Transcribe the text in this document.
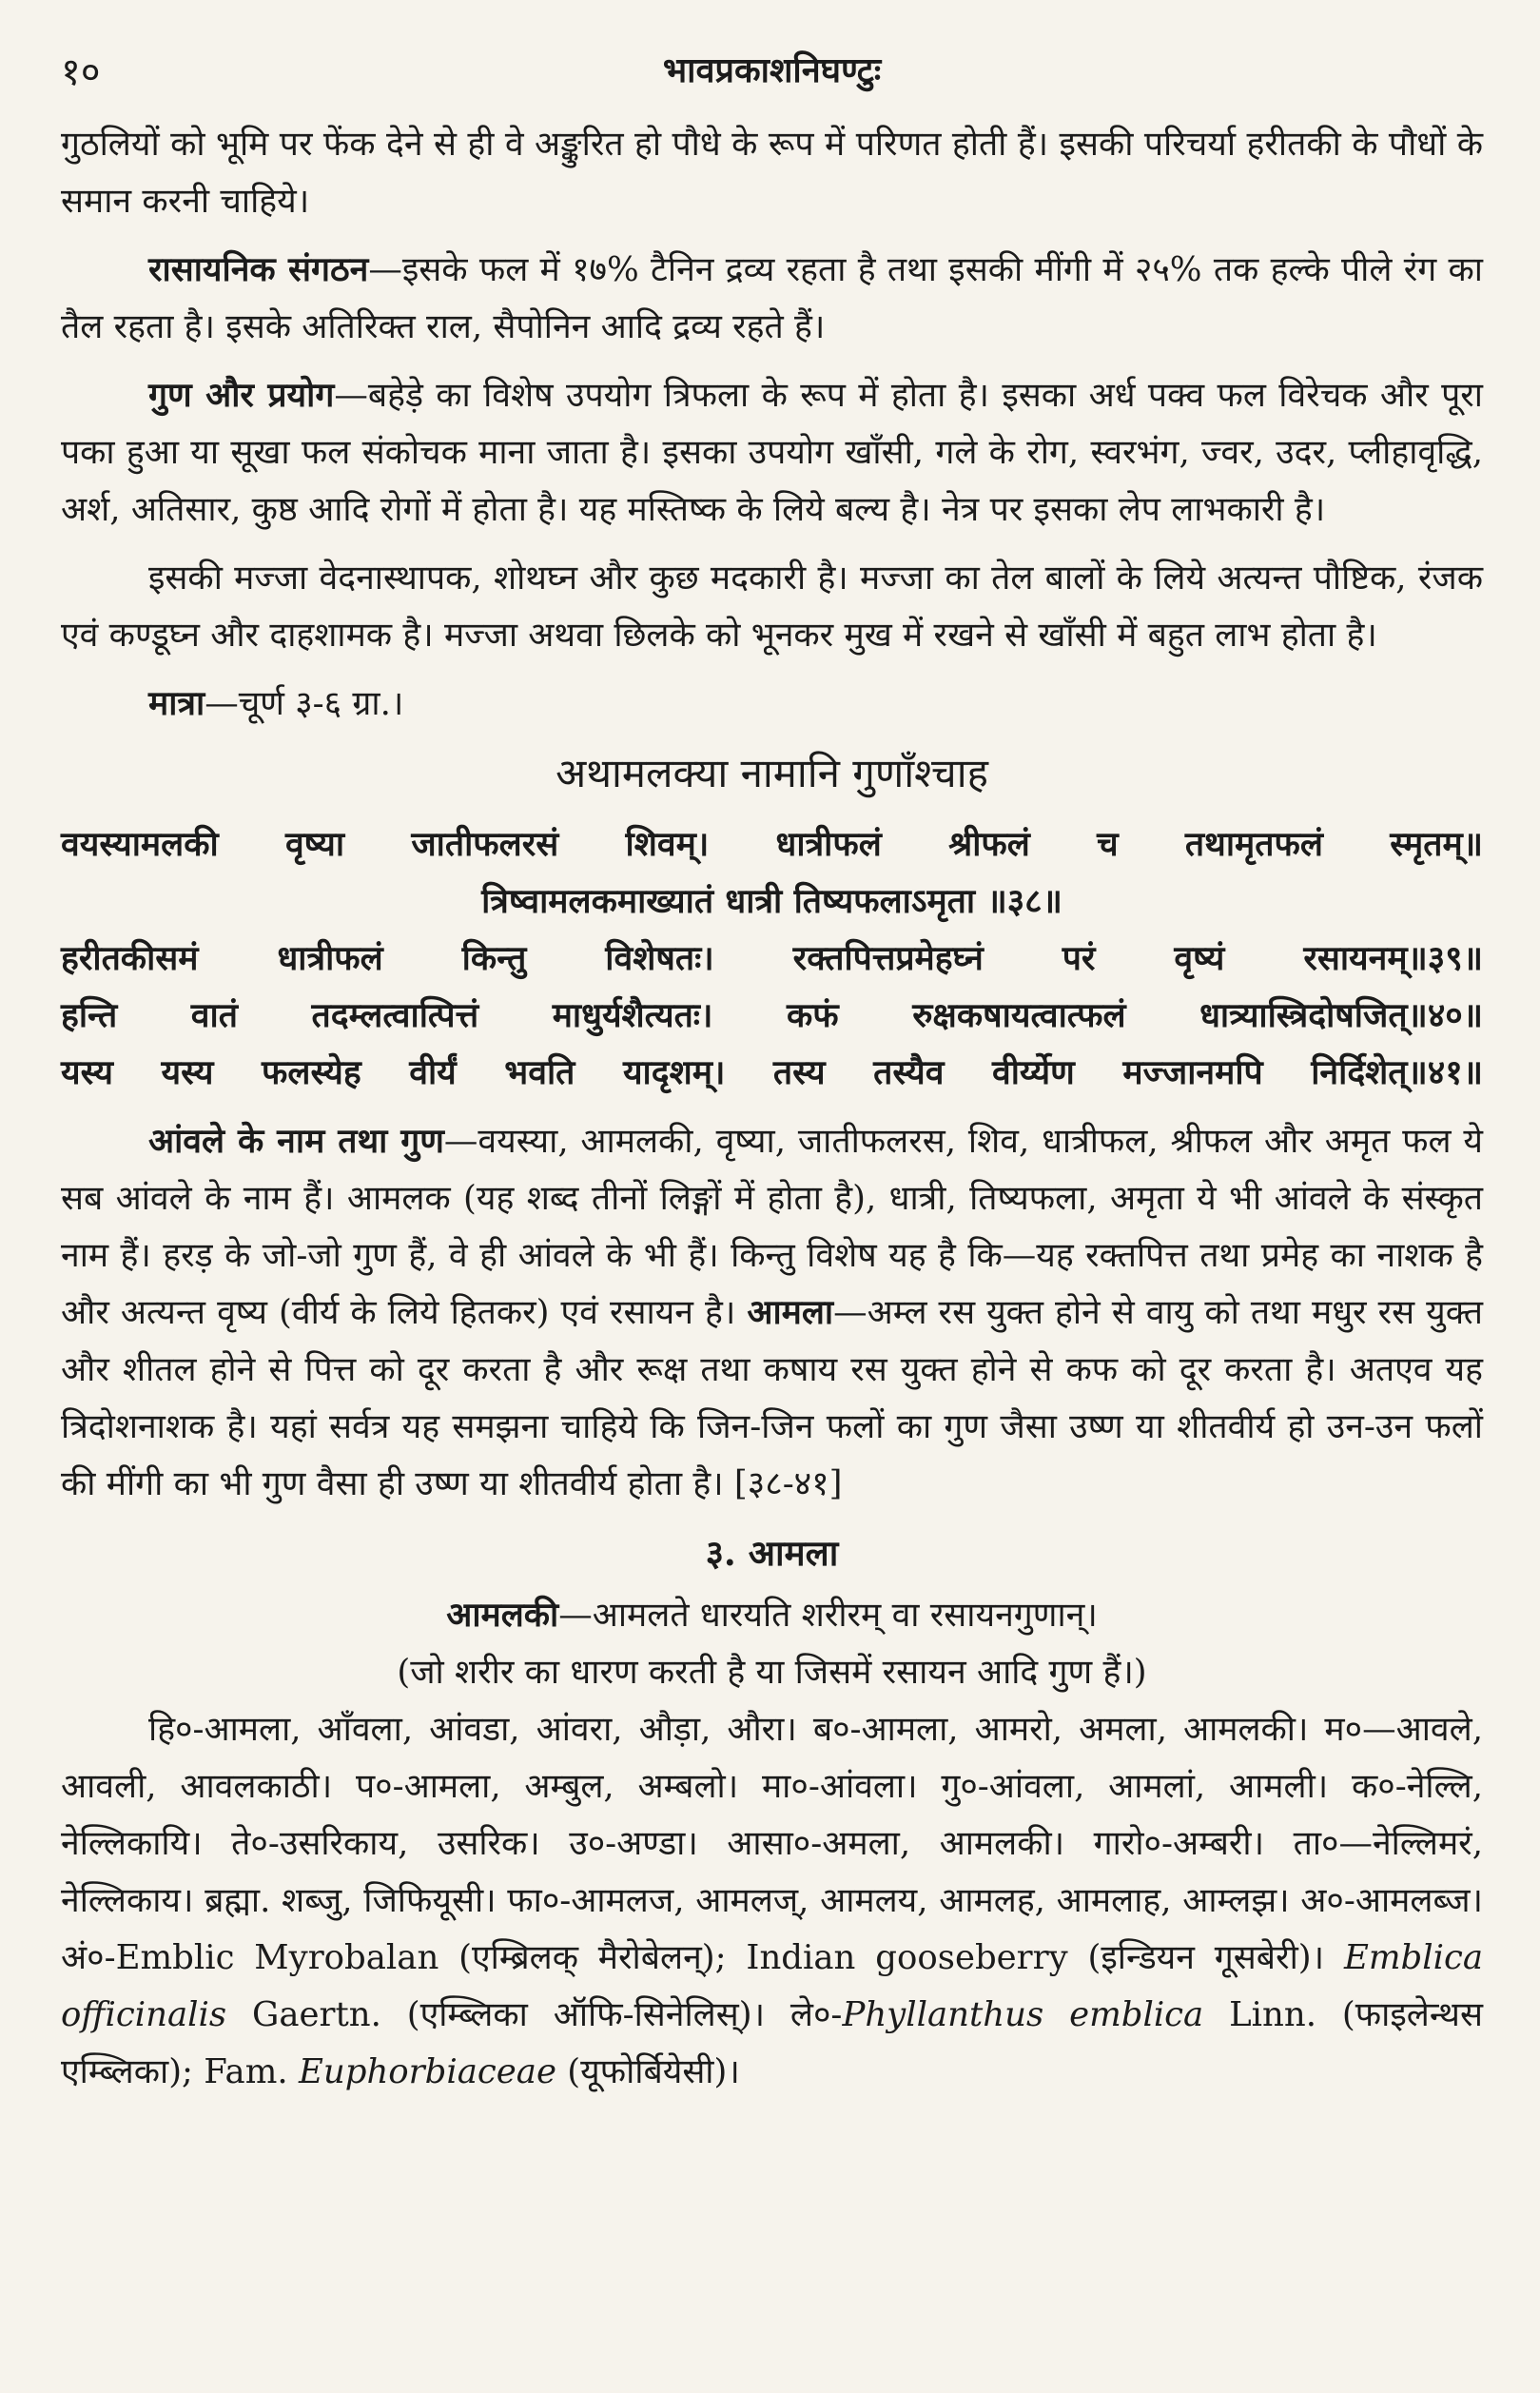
१०	भावप्रकाशनिघण्टुः

गुठलियों को भूमि पर फेंक देने से ही वे अङ्कुरित हो पौधे के रूप में परिणत होती हैं। इसकी परिचर्या हरीतकी के पौधों के समान करनी चाहिये।

रासायनिक संगठन—इसके फल में १७% टैनिन द्रव्य रहता है तथा इसकी मींगी में २५% तक हल्के पीले रंग का तैल रहता है। इसके अतिरिक्त राल, सैपोनिन आदि द्रव्य रहते हैं।

गुण और प्रयोग—बहेड़े का विशेष उपयोग त्रिफला के रूप में होता है। इसका अर्ध पक्व फल विरेचक और पूरा पका हुआ या सूखा फल संकोचक माना जाता है। इसका उपयोग खाँसी, गले के रोग, स्वरभंग, ज्वर, उदर, प्लीहावृद्धि, अर्श, अतिसार, कुष्ठ आदि रोगों में होता है। यह मस्तिष्क के लिये बल्य है। नेत्र पर इसका लेप लाभकारी है।

इसकी मज्जा वेदनास्थापक, शोथघ्न और कुछ मदकारी है। मज्जा का तेल बालों के लिये अत्यन्त पौष्टिक, रंजक एवं कण्डूघ्न और दाहशामक है। मज्जा अथवा छिलके को भूनकर मुख में रखने से खाँसी में बहुत लाभ होता है।

मात्रा—चूर्ण ३-६ ग्रा.।

अथामलक्या नामानि गुणाँश्चाह
वयस्यामलकी वृष्या जातीफलरसं शिवम्। धात्रीफलं श्रीफलं च तथामृतफलं स्मृतम्॥
त्रिष्वामलकमाख्यातं धात्री तिष्यफलाऽमृता ॥३८॥
हरीतकीसमं धात्रीफलं किन्तु विशेषतः। रक्तपित्तप्रमेहघ्नं परं वृष्यं रसायनम्॥३९॥
हन्ति वातं तदम्लत्वात्पित्तं माधुर्यशैत्यतः। कफं रुक्षकषायत्वात्फलं धात्र्यास्त्रिदोषजित्॥४०॥
यस्य यस्य फलस्येह वीर्यं भवति यादृशम्। तस्य तस्यैव वीर्य्येण मज्जानमपि निर्दिशेत्॥४१॥

आंवले के नाम तथा गुण—वयस्या, आमलकी, वृष्या, जातीफलरस, शिव, धात्रीफल, श्रीफल और अमृत फल ये सब आंवले के नाम हैं। आमलक (यह शब्द तीनों लिङ्गों में होता है), धात्री, तिष्यफला, अमृता ये भी आंवले के संस्कृत नाम हैं। हरड़ के जो-जो गुण हैं, वे ही आंवले के भी हैं। किन्तु विशेष यह है कि—यह रक्तपित्त तथा प्रमेह का नाशक है और अत्यन्त वृष्य (वीर्य के लिये हितकर) एवं रसायन है। आमला—अम्ल रस युक्त होने से वायु को तथा मधुर रस युक्त और शीतल होने से पित्त को दूर करता है और रूक्ष तथा कषाय रस युक्त होने से कफ को दूर करता है। अतएव यह त्रिदोशनाशक है। यहां सर्वत्र यह समझना चाहिये कि जिन-जिन फलों का गुण जैसा उष्ण या शीतवीर्य हो उन-उन फलों की मींगी का भी गुण वैसा ही उष्ण या शीतवीर्य होता है। [३८-४१]

३. आमला

आमलकी—आमलते धारयति शरीरम् वा रसायनगुणान्।

(जो शरीर का धारण करती है या जिसमें रसायन आदि गुण हैं।)

हि०-आमला, आँवला, आंवडा, आंवरा, औड़ा, औरा। ब०-आमला, आमरो, अमला, आमलकी। म०—आवले, आवली, आवलकाठी। प०-आमला, अम्बुल, अम्बलो। मा०-आंवला। गु०-आंवला, आमलां, आमली। क०-नेल्लि, नेल्लिकायि। ते०-उसरिकाय, उसरिक। उ०-अण्डा। आसा०-अमला, आमलकी। गारो०-अम्बरी। ता०—नेल्लिमरं, नेल्लिकाय। ब्रह्मा. शब्जु, जिफियूसी। फा०-आमलज, आमलज्, आमलय, आमलह, आमलाह, आम्लझ। अ०-आमलब्ज। अं०-Emblic Myrobalan (एम्ब्रिलक् मैरोबेलन्); Indian gooseberry (इन्डियन गूसबेरी)। Emblica officinalis Gaertn. (एम्ब्लिका ऑफि-सिनेलिस्)। ले०-Phyllanthus emblica Linn. (फाइलेन्थस एम्ब्लिका); Fam. Euphorbiaceae (यूफोर्बियेसी)।
